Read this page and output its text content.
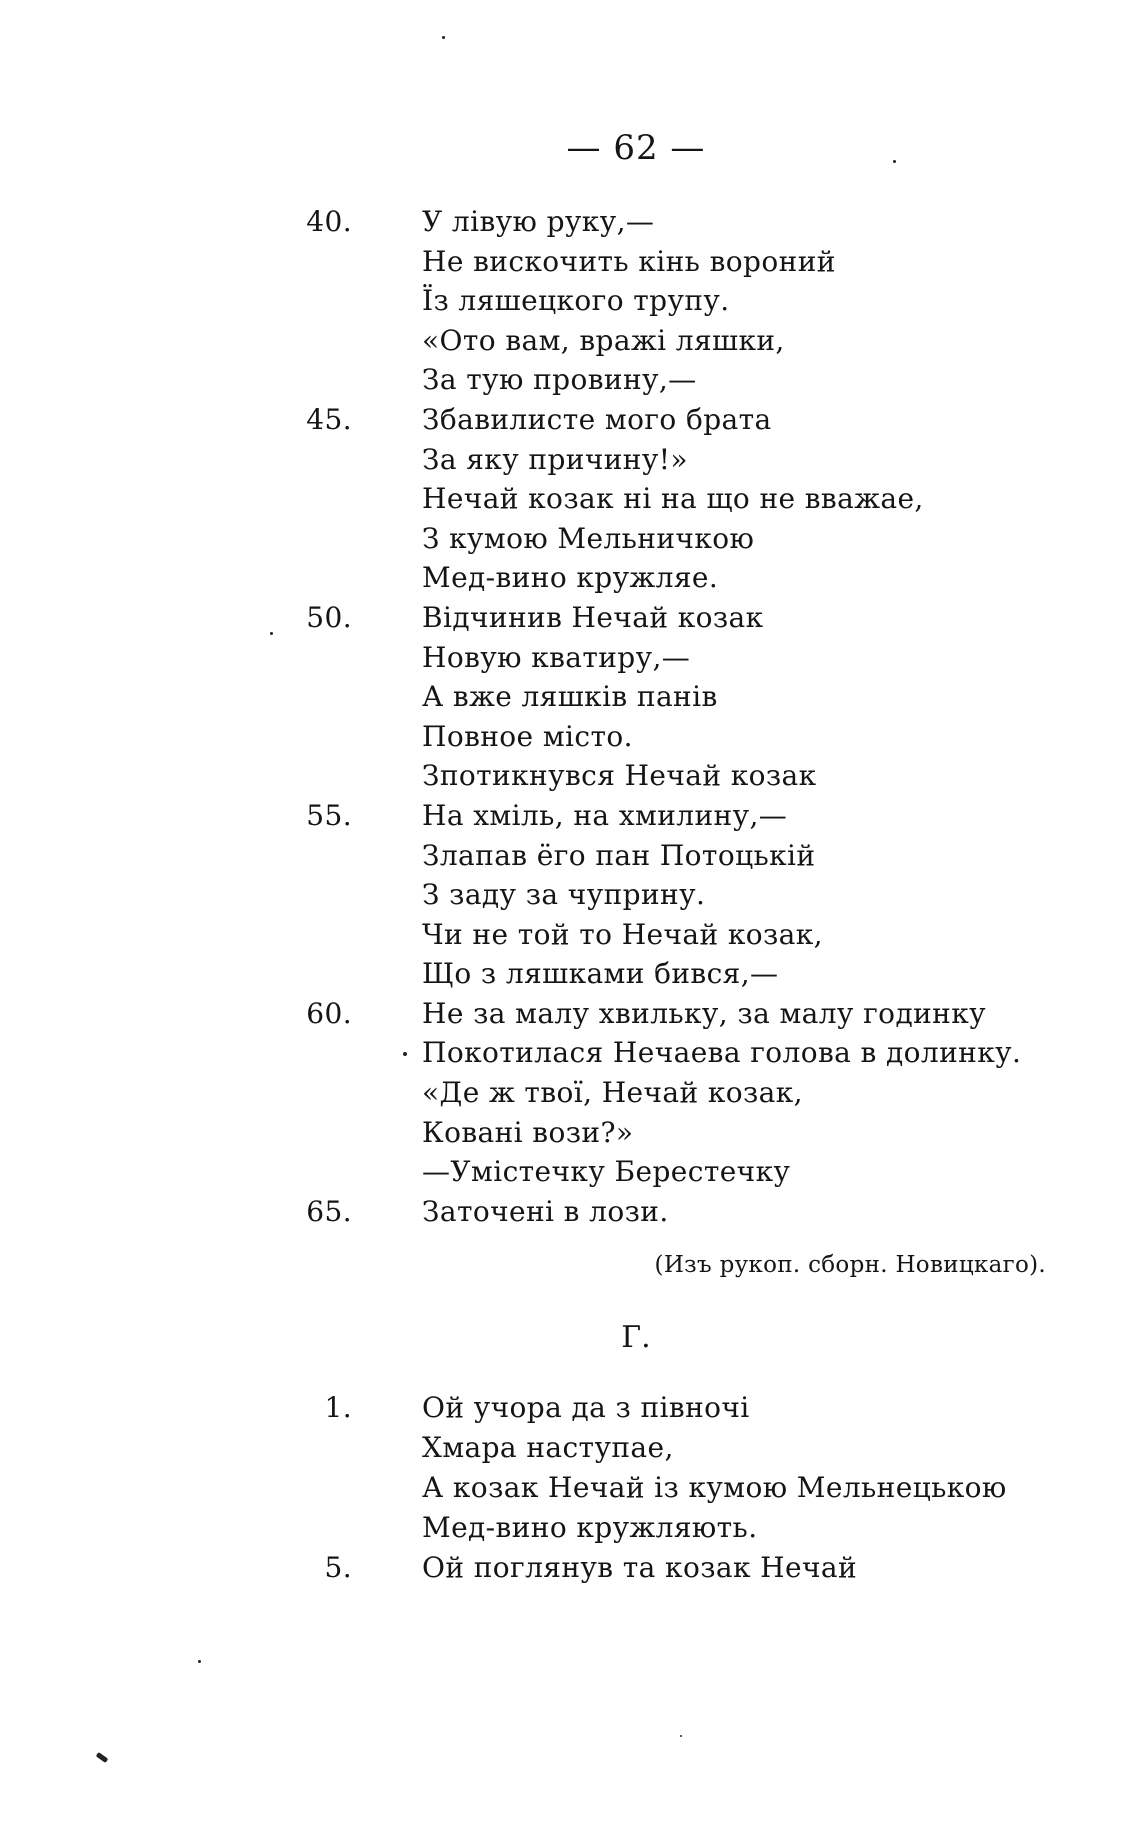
— 62 —
40.	У лівую руку,—
Не вискочить кінь вороний
Їз ляшецкого трупу.
«Ото вам, вражі ляшки,
За тую провину,—
45.	Збавилисте мого брата
За яку причину!»
Нечай козак ні на що не вважае,
З кумою Мельничкою
Мед-вино кружляе.
50.	Відчинив Нечай козак
Новую кватиру,—
А вже ляшків панів
Повное місто.
Зпотикнувся Нечай козак
55.	На хміль, на хмилину,—
Злапав ёго пан Потоцькій
З заду за чуприну.
Чи не той то Нечай козак,
Що з ляшками бився,—
60.	Не за малу хвильку, за малу годинку
Покотилася Нечаева голова в долинку.
«Де ж твої, Нечай козак,
Ковані вози?»
—Умістечку Берестечку
65.	Заточені в лози.
(Изъ рукоп. сборн. Новицкаго).
Г.
1.	Ой учора да з півночі
Хмара наступае,
А козак Нечай із кумою Мельнецькою
Мед-вино кружляють.
5.	Ой поглянув та козак Нечай
